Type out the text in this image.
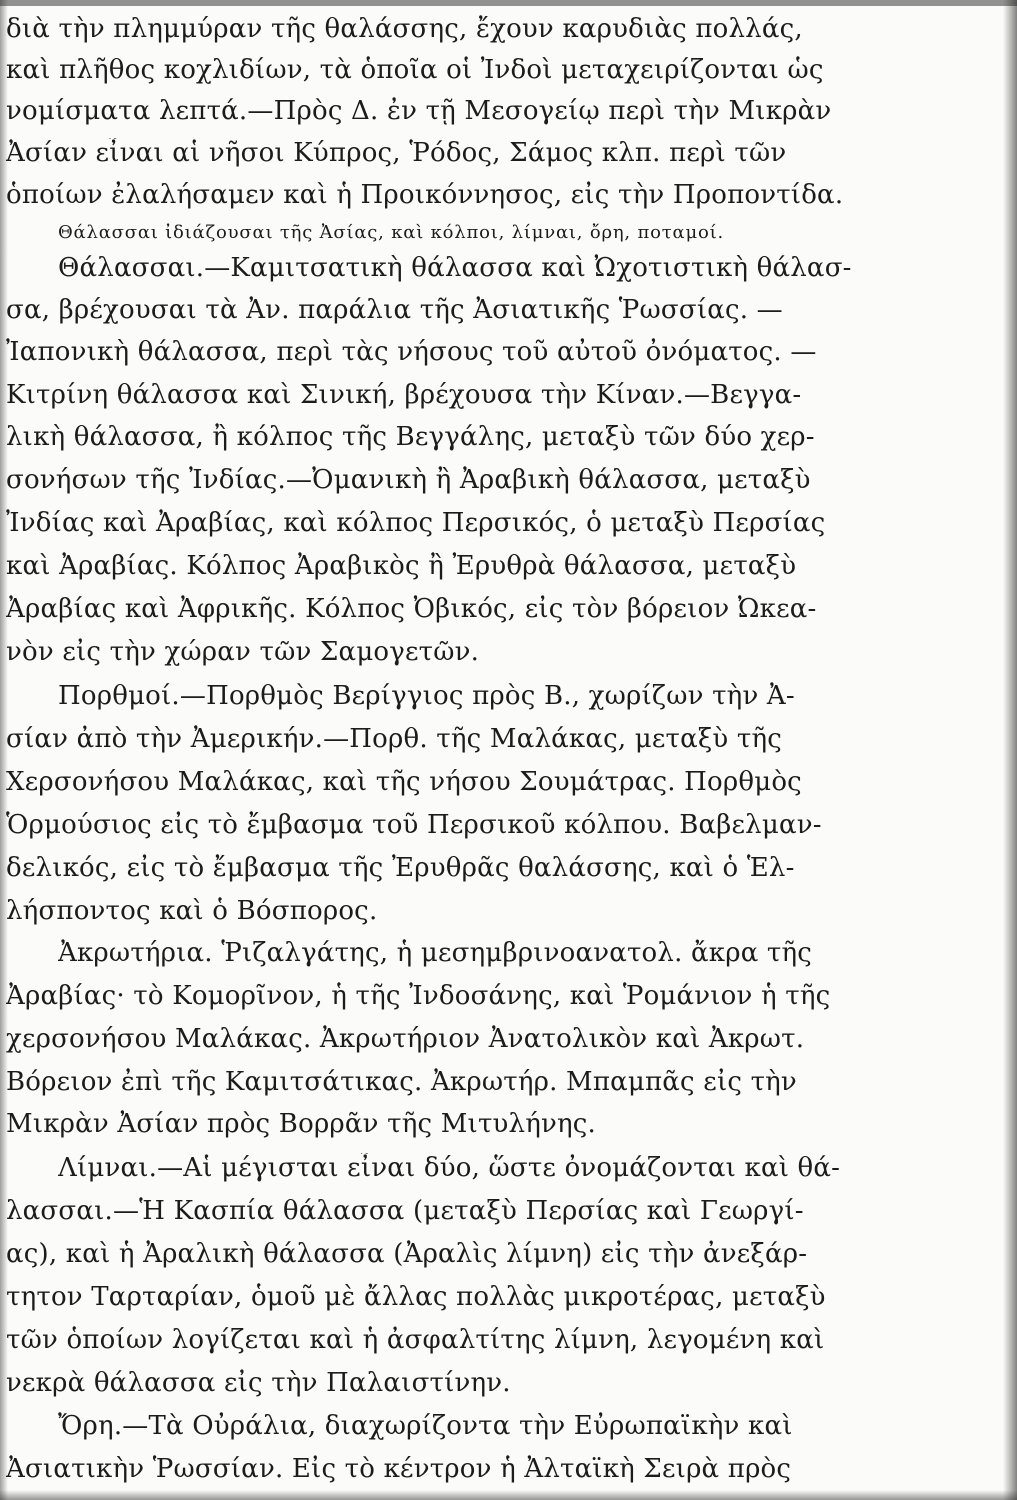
διὰ τὴν πλημμύραν τῆς θαλάσσης, ἔχουν καρυδιὰς πολλάς,
καὶ πλῆθος κοχλιδίων, τὰ ὁποῖα οἱ Ἰνδοὶ μεταχειρίζονται ὡς
νομίσματα λεπτά.—Πρὸς Δ. ἐν τῇ Μεσογείῳ περὶ τὴν Μικρὰν
Ἀσίαν εἶναι αἱ νῆσοι Κύπρος, Ῥόδος, Σάμος κλπ. περὶ τῶν
ὁποίων ἐλαλήσαμεν καὶ ἡ Προικόννησος, εἰς τὴν Προποντίδα.
Θάλασσαι ἰδιάζουσαι τῆς Ἀσίας, καὶ κόλποι, λίμναι, ὄρη, ποταμοί.
Θάλασσαι.—Καμιτσατικὴ θάλασσα καὶ Ὠχοτιστικὴ θάλασ-
σα, βρέχουσαι τὰ Ἀν. παράλια τῆς Ἀσιατικῆς Ῥωσσίας. —
Ἰαπονικὴ θάλασσα, περὶ τὰς νήσους τοῦ αὐτοῦ ὀνόματος. —
Κιτρίνη θάλασσα καὶ Σινική, βρέχουσα τὴν Κίναν.—Βεγγα-
λικὴ θάλασσα, ἢ κόλπος τῆς Βεγγάλης, μεταξὺ τῶν δύο χερ-
σονήσων τῆς Ἰνδίας.—Ὀμανικὴ ἢ Ἀραβικὴ θάλασσα, μεταξὺ
Ἰνδίας καὶ Ἀραβίας, καὶ κόλπος Περσικός, ὁ μεταξὺ Περσίας
καὶ Ἀραβίας. Κόλπος Ἀραβικὸς ἢ Ἐρυθρὰ θάλασσα, μεταξὺ
Ἀραβίας καὶ Ἀφρικῆς. Κόλπος Ὀβικός, εἰς τὸν βόρειον Ὠκεα-
νὸν εἰς τὴν χώραν τῶν Σαμογετῶν.
Πορθμοί.—Πορθμὸς Βερίγγιος πρὸς Β., χωρίζων τὴν Ἀ-
σίαν ἀπὸ τὴν Ἀμερικήν.—Πορθ. τῆς Μαλάκας, μεταξὺ τῆς
Χερσονήσου Μαλάκας, καὶ τῆς νήσου Σουμάτρας. Πορθμὸς
Ὁρμούσιος εἰς τὸ ἔμβασμα τοῦ Περσικοῦ κόλπου. Βαβελμαν-
δελικός, εἰς τὸ ἔμβασμα τῆς Ἐρυθρᾶς θαλάσσης, καὶ ὁ Ἑλ-
λήσποντος καὶ ὁ Βόσπορος.
Ἀκρωτήρια. Ῥιζαλγάτης, ἡ μεσημβρινοανατολ. ἄκρα τῆς
Ἀραβίας· τὸ Κομορῖνον, ἡ τῆς Ἰνδοσάνης, καὶ Ῥομάνιον ἡ τῆς
χερσονήσου Μαλάκας. Ἀκρωτήριον Ἀνατολικὸν καὶ Ἀκρωτ.
Βόρειον ἐπὶ τῆς Καμιτσάτικας. Ἀκρωτήρ. Μπαμπᾶς εἰς τὴν
Μικρὰν Ἀσίαν πρὸς Βορρᾶν τῆς Μιτυλήνης.
Λίμναι.—Αἱ μέγισται εἶναι δύο, ὥστε ὀνομάζονται καὶ θά-
λασσαι.—Ἡ Κασπία θάλασσα (μεταξὺ Περσίας καὶ Γεωργί-
ας), καὶ ἡ Ἀραλικὴ θάλασσα (Ἀραλὶς λίμνη) εἰς τὴν ἀνεξάρ-
τητον Ταρταρίαν, ὁμοῦ μὲ ἄλλας πολλὰς μικροτέρας, μεταξὺ
τῶν ὁποίων λογίζεται καὶ ἡ ἀσφαλτίτης λίμνη, λεγομένη καὶ
νεκρὰ θάλασσα εἰς τὴν Παλαιστίνην.
Ὄρη.—Τὰ Οὐράλια, διαχωρίζοντα τὴν Εὐρωπαϊκὴν καὶ
Ἀσιατικὴν Ῥωσσίαν. Εἰς τὸ κέντρον ἡ Ἀλταϊκὴ Σειρὰ πρὸς
